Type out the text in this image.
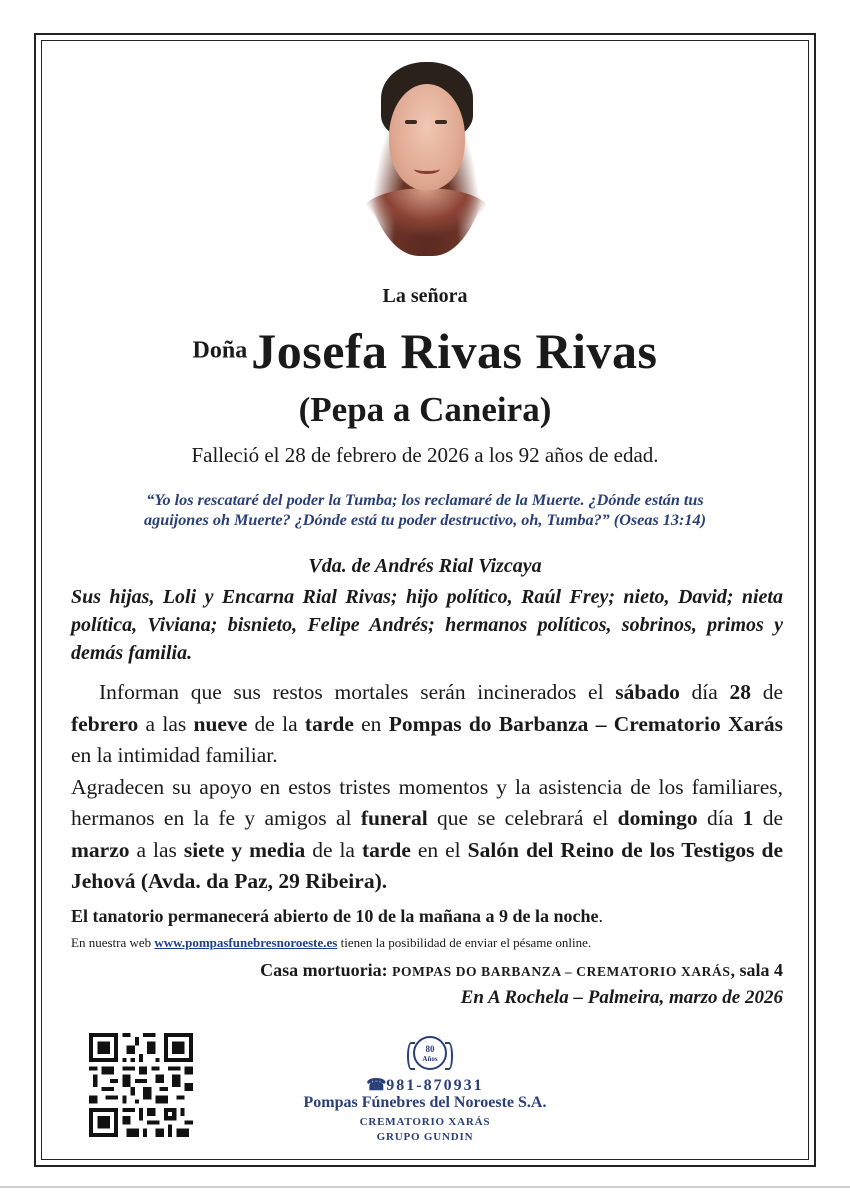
La señora
Doña Josefa Rivas Rivas
(Pepa a Caneira)
Falleció el 28 de febrero de 2026 a los 92 años de edad.
“Yo los rescataré del poder la Tumba; los reclamaré de la Muerte. ¿Dónde están tus
aguijones oh Muerte? ¿Dónde está tu poder destructivo, oh, Tumba?” (Oseas 13:14)
Vda. de Andrés Rial Vizcaya
Sus hijas, Loli y Encarna Rial Rivas; hijo político, Raúl Frey; nieto, David; nieta política, Viviana; bisnieto, Felipe Andrés; hermanos políticos, sobrinos, primos y demás familia.

Informan que sus restos mortales serán incinerados el sábado día 28 de febrero a las nueve de la tarde en Pompas do Barbanza – Crematorio Xarás en la intimidad familiar.

Agradecen su apoyo en estos tristes momentos y la asistencia de los familiares, hermanos en la fe y amigos al funeral que se celebrará el domingo día 1 de marzo a las siete y media de la tarde en el Salón del Reino de los Testigos de Jehová (Avda. da Paz, 29 Ribeira).

El tanatorio permanecerá abierto de 10 de la mañana a 9 de la noche.
En nuestra web www.pompasfunebresnoroeste.es tienen la posibilidad de enviar el pésame online.
Casa mortuoria: POMPAS DO BARBANZA – CREMATORIO XARÁS, sala 4
En A Rochela – Palmeira, marzo de 2026
80
Años
☎981-870931
Pompas Fúnebres del Noroeste S.A.
CREMATORIO XARÁS
GRUPO GUNDIN
